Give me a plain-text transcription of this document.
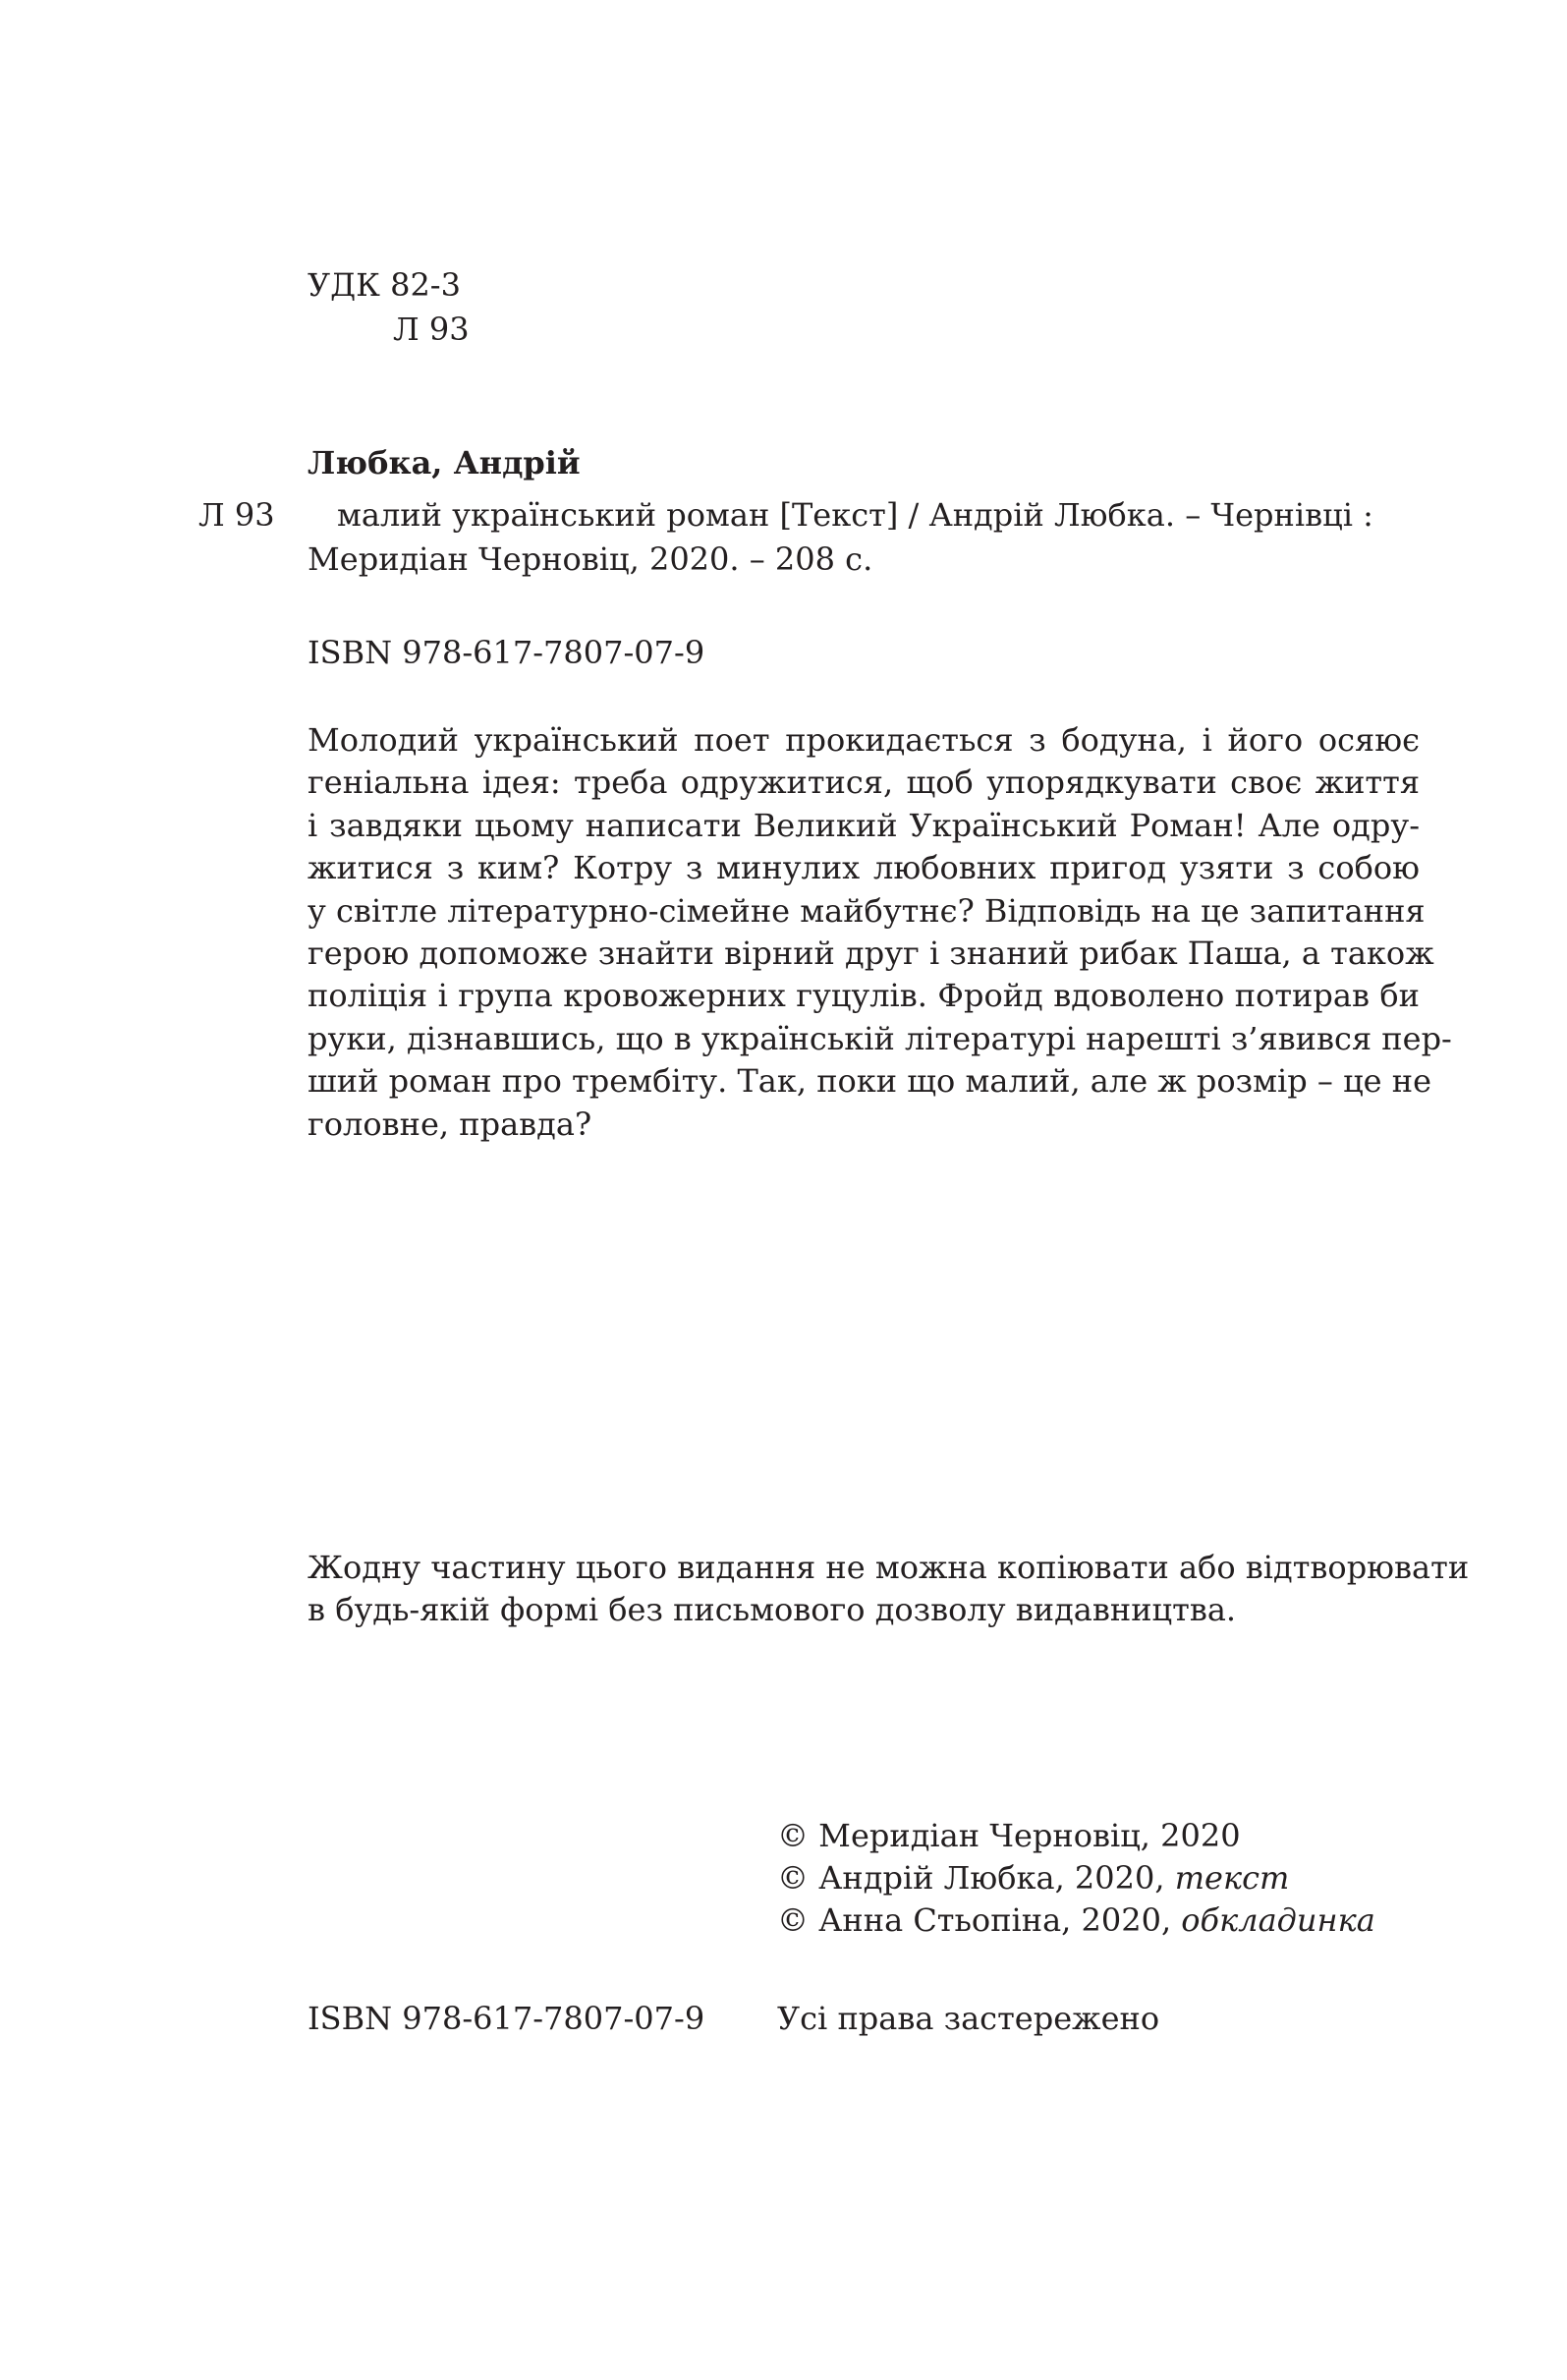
УДК 82-3
Л 93
Любка, Андрій
Л 93 малий український роман [Текст] / Андрій Любка. – Чернівці :
Меридіан Черновіц, 2020. – 208 с.
ISBN 978-617-7807-07-9
Молодий український поет прокидається з бодуна, і його осяює
геніальна ідея: треба одружитися, щоб упорядкувати своє життя
і завдяки цьому написати Великий Український Роман! Але одру-
житися з ким? Котру з минулих любовних пригод узяти з собою
у світле літературно-сімейне майбутнє? Відповідь на це запитання
герою допоможе знайти вірний друг і знаний рибак Паша, а також
поліція і група кровожерних гуцулів. Фройд вдоволено потирав би
руки, дізнавшись, що в українській літературі нарешті з’явився пер-
ший роман про трембіту. Так, поки що малий, але ж розмір – це не
головне, правда?
Жодну частину цього видання не можна копіювати або відтворювати
в будь-якій формі без письмового дозволу видавництва.
© Меридіан Черновіц, 2020
© Андрій Любка, 2020, текст
© Анна Стьопіна, 2020, обкладинка
ISBN 978-617-7807-07-9 Усі права застережено
